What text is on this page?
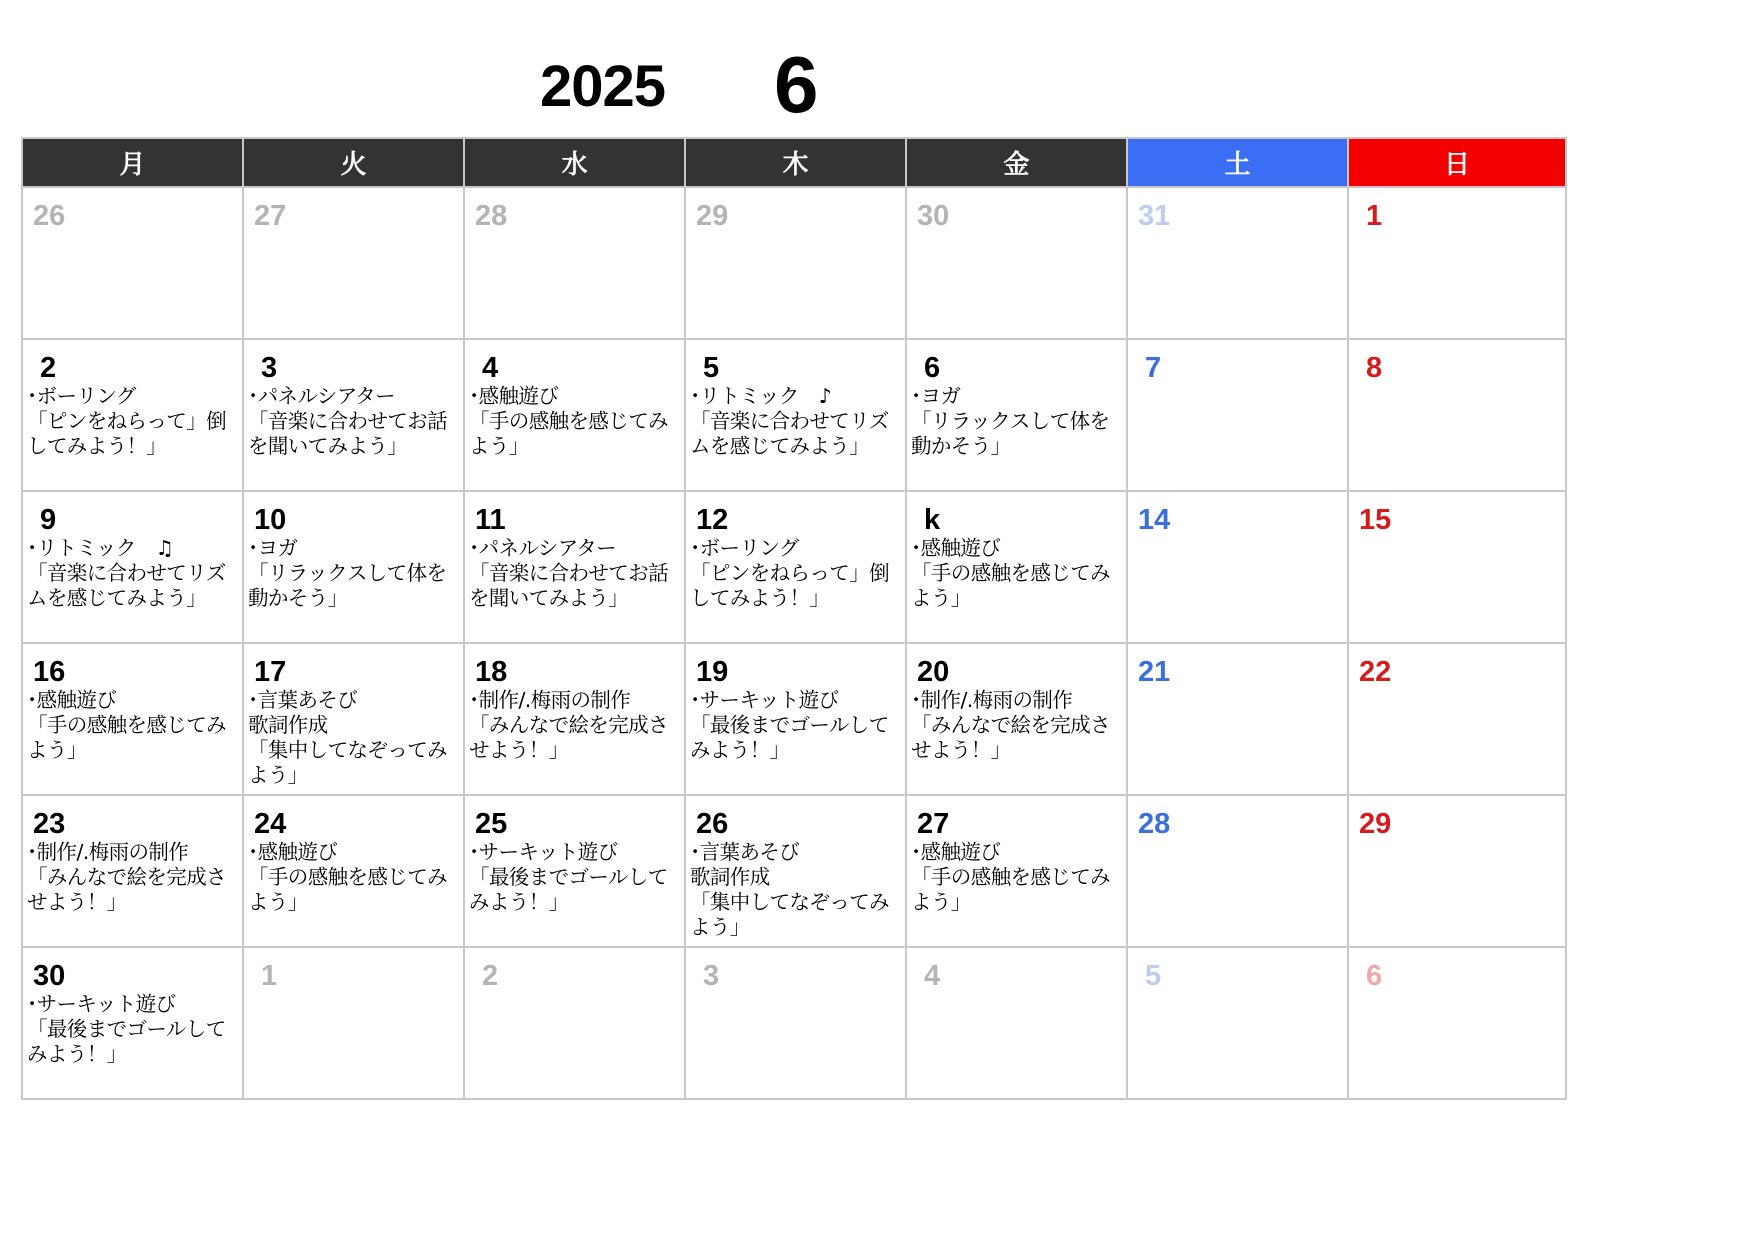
2025 6
月	火	水	木	金	土	日

26	27	28	29	30	31	1

2
･ボーリング
「ピンをねらって」倒してみよう！」	3
･パネルシアター
「音楽に合わせてお話を聞いてみよう」	4
･感触遊び
「手の感触を感じてみよう」	5
･リトミック　♪
「音楽に合わせてリズムを感じてみよう」	6
･ヨガ
「リラックスして体を動かそう」	7	8

9
･リトミック　♫
「音楽に合わせてリズムを感じてみよう」	10
･ヨガ
「リラックスして体を動かそう」	11
･パネルシアター
「音楽に合わせてお話を聞いてみよう」	12
･ボーリング
「ピンをねらって」倒してみよう！」	k
･感触遊び
「手の感触を感じてみよう」	14	15

16
･感触遊び
「手の感触を感じてみよう」	17
･言葉あそび
歌詞作成
「集中してなぞってみよう」	18
･制作/.梅雨の制作
「みんなで絵を完成させよう！」	19
･サーキット遊び
「最後までゴールしてみよう！」	20
･制作/.梅雨の制作
「みんなで絵を完成させよう！」	21	22

23
･制作/.梅雨の制作
「みんなで絵を完成させよう！」	24
･感触遊び
「手の感触を感じてみよう」	25
･サーキット遊び
「最後までゴールしてみよう！」	26
･言葉あそび
歌詞作成
「集中してなぞってみよう」	27
･感触遊び
「手の感触を感じてみよう」	28	29

30
･サーキット遊び
「最後までゴールしてみよう！」	1	2	3	4	5	6
